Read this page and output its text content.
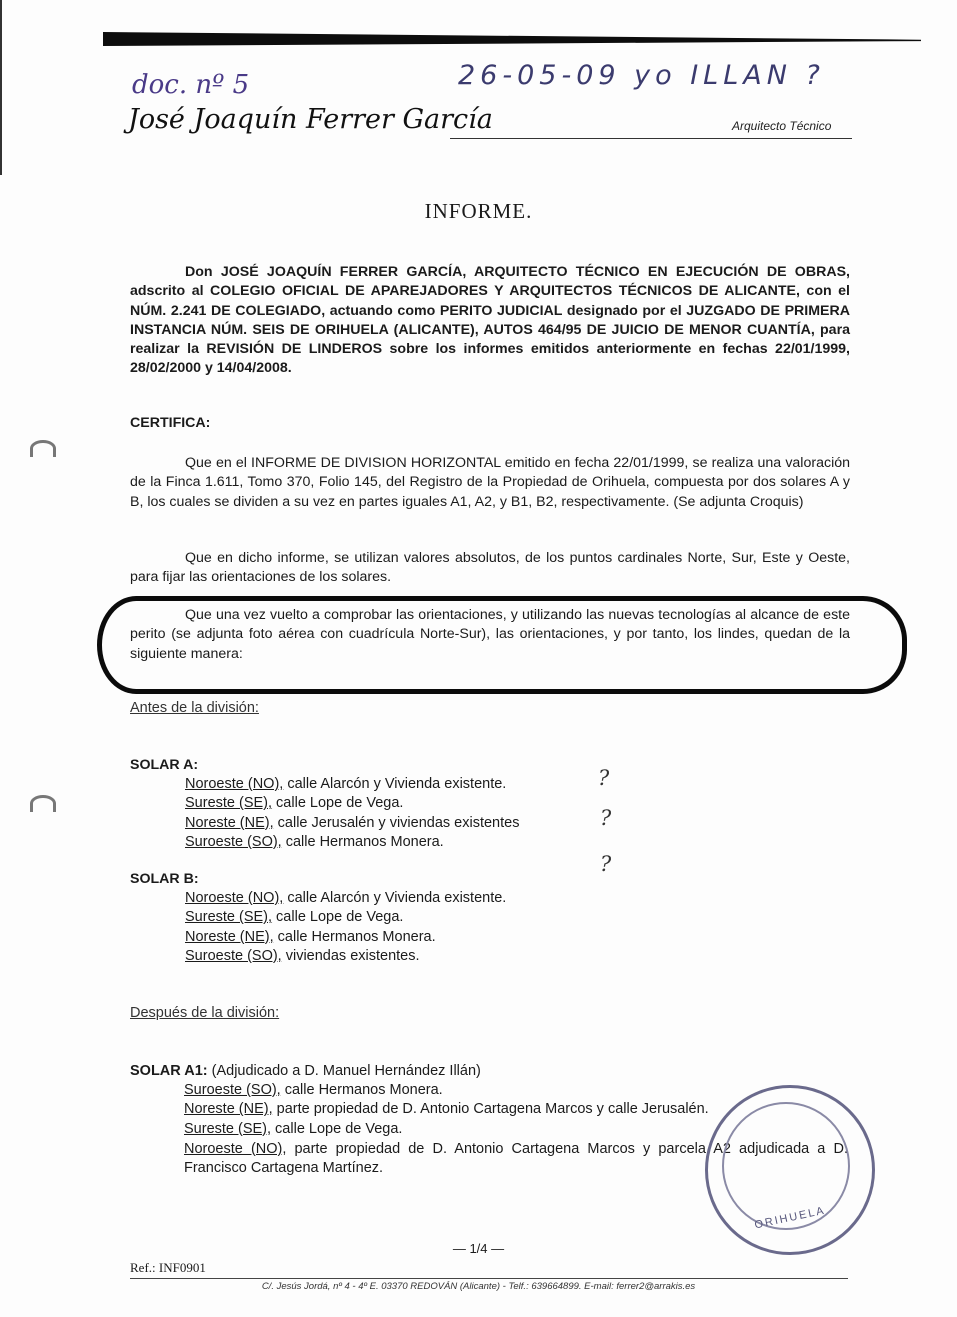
doc. nº 5	26-05-09 yo ILLAN ?
José Joaquín Ferrer García	Arquitecto Técnico
INFORME.

Don JOSÉ JOAQUÍN FERRER GARCÍA, ARQUITECTO TÉCNICO EN EJECUCIÓN DE OBRAS, adscrito al COLEGIO OFICIAL DE APAREJADORES Y ARQUITECTOS TÉCNICOS DE ALICANTE, con el NÚM. 2.241 DE COLEGIADO, actuando como PERITO JUDICIAL designado por el JUZGADO DE PRIMERA INSTANCIA NÚM. SEIS DE ORIHUELA (ALICANTE), AUTOS 464/95 DE JUICIO DE MENOR CUANTÍA, para realizar la REVISIÓN DE LINDEROS sobre los informes emitidos anteriormente en fechas 22/01/1999, 28/02/2000 y 14/04/2008.

CERTIFICA:

Que en el INFORME DE DIVISION HORIZONTAL emitido en fecha 22/01/1999, se realiza una valoración de la Finca 1.611, Tomo 370, Folio 145, del Registro de la Propiedad de Orihuela, compuesta por dos solares A y B, los cuales se dividen a su vez en partes iguales A1, A2, y B1, B2, respectivamente. (Se adjunta Croquis)

Que en dicho informe, se utilizan valores absolutos, de los puntos cardinales Norte, Sur, Este y Oeste, para fijar las orientaciones de los solares.

Que una vez vuelto a comprobar las orientaciones, y utilizando las nuevas tecnologías al alcance de este perito (se adjunta foto aérea con cuadrícula Norte-Sur), las orientaciones, y por tanto, los lindes, quedan de la siguiente manera:

Antes de la división:
SOLAR A:
Noroeste (NO), calle Alarcón y Vivienda existente.
Sureste (SE), calle Lope de Vega.
Noreste (NE), calle Jerusalén y viviendas existentes
Suroeste (SO), calle Hermanos Monera.
?
?
?
SOLAR B:
Noroeste (NO), calle Alarcón y Vivienda existente.
Sureste (SE), calle Lope de Vega.
Noreste (NE), calle Hermanos Monera.
Suroeste (SO), viviendas existentes.
Después de la división:
SOLAR A1: (Adjudicado a D. Manuel Hernández Illán)
Suroeste (SO), calle Hermanos Monera.
Noreste (NE), parte propiedad de D. Antonio Cartagena Marcos y calle Jerusalén.
Sureste (SE), calle Lope de Vega.
Noroeste (NO), parte propiedad de D. Antonio Cartagena Marcos y parcela A2 adjudicada a D. Francisco Cartagena Martínez.
ORIHUELA
— 1/4 —
Ref.: INF0901
C/. Jesús Jordá, nº 4 - 4º E. 03370 REDOVÁN (Alicante) - Telf.: 639664899. E-mail: ferrer2@arrakis.es
